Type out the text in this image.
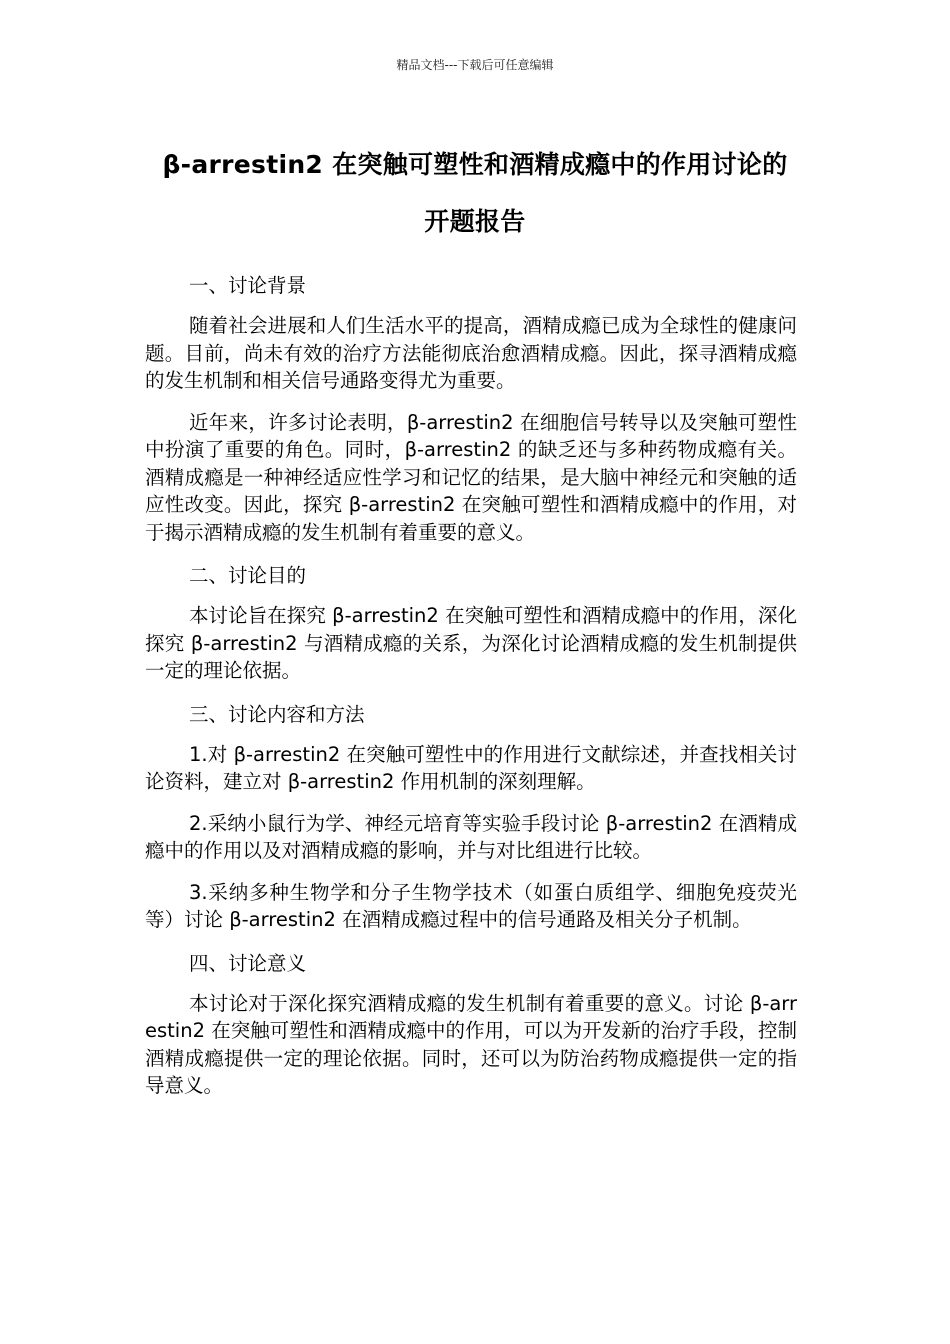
精品文档---下载后可任意编辑
β-arrestin2 在突触可塑性和酒精成瘾中的作用讨论的
开题报告

一、讨论背景

随着社会进展和人们生活水平的提高，酒精成瘾已成为全球性的健康问题。目前，尚未有效的治疗方法能彻底治愈酒精成瘾。因此，探寻酒精成瘾的发生机制和相关信号通路变得尤为重要。

近年来，许多讨论表明，β-arrestin2 在细胞信号转导以及突触可塑性中扮演了重要的角色。同时，β-arrestin2 的缺乏还与多种药物成瘾有关。酒精成瘾是一种神经适应性学习和记忆的结果，是大脑中神经元和突触的适应性改变。因此，探究 β-arrestin2 在突触可塑性和酒精成瘾中的作用，对于揭示酒精成瘾的发生机制有着重要的意义。

二、讨论目的

本讨论旨在探究 β-arrestin2 在突触可塑性和酒精成瘾中的作用，深化探究 β-arrestin2 与酒精成瘾的关系，为深化讨论酒精成瘾的发生机制提供一定的理论依据。

三、讨论内容和方法

1.对 β-arrestin2 在突触可塑性中的作用进行文献综述，并查找相关讨论资料，建立对 β-arrestin2 作用机制的深刻理解。

2.采纳小鼠行为学、神经元培育等实验手段讨论 β-arrestin2 在酒精成瘾中的作用以及对酒精成瘾的影响，并与对比组进行比较。

3.采纳多种生物学和分子生物学技术（如蛋白质组学、细胞免疫荧光等）讨论 β-arrestin2 在酒精成瘾过程中的信号通路及相关分子机制。

四、讨论意义

本讨论对于深化探究酒精成瘾的发生机制有着重要的意义。讨论 β-arrestin2 在突触可塑性和酒精成瘾中的作用，可以为开发新的治疗手段，控制酒精成瘾提供一定的理论依据。同时，还可以为防治药物成瘾提供一定的指导意义。
